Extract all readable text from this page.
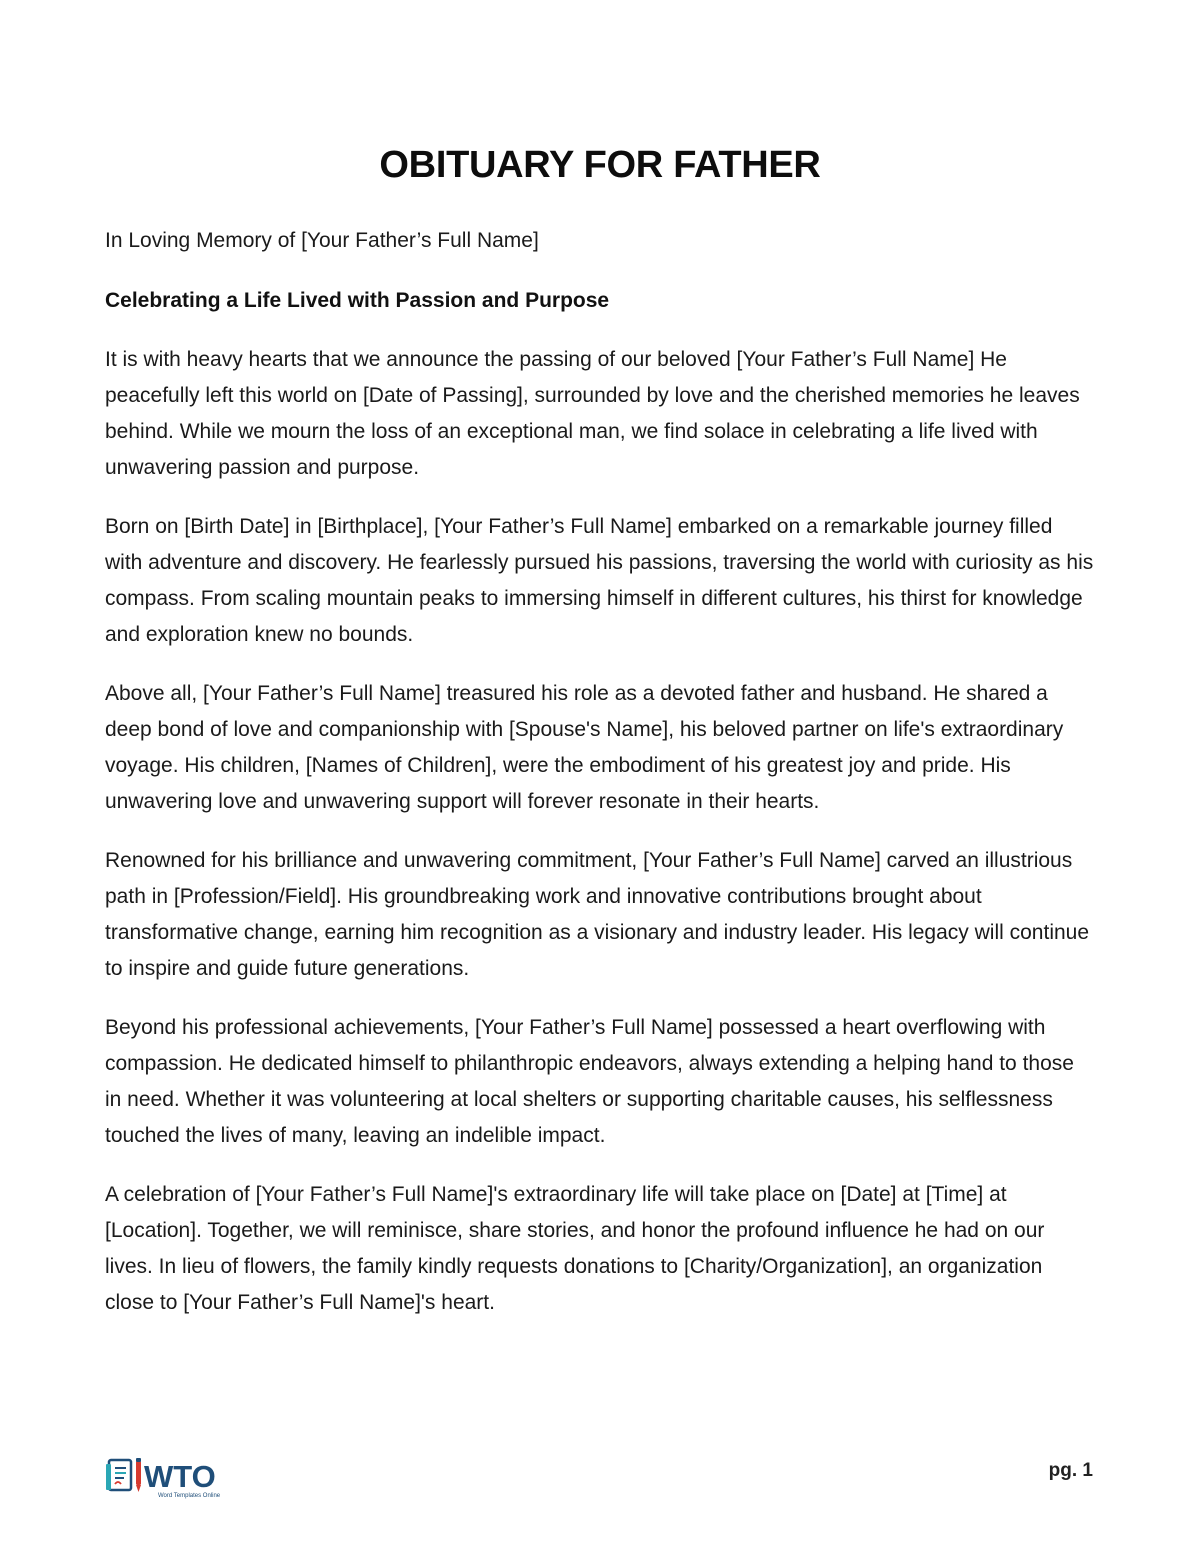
OBITUARY FOR FATHER

In Loving Memory of [Your Father’s Full Name]

Celebrating a Life Lived with Passion and Purpose

It is with heavy hearts that we announce the passing of our beloved [Your Father’s Full Name] He peacefully left this world on [Date of Passing], surrounded by love and the cherished memories he leaves behind. While we mourn the loss of an exceptional man, we find solace in celebrating a life lived with unwavering passion and purpose.

Born on [Birth Date] in [Birthplace], [Your Father’s Full Name] embarked on a remarkable journey filled with adventure and discovery. He fearlessly pursued his passions, traversing the world with curiosity as his compass. From scaling mountain peaks to immersing himself in different cultures, his thirst for knowledge and exploration knew no bounds.

Above all, [Your Father’s Full Name] treasured his role as a devoted father and husband. He shared a deep bond of love and companionship with [Spouse's Name], his beloved partner on life's extraordinary voyage. His children, [Names of Children], were the embodiment of his greatest joy and pride. His unwavering love and unwavering support will forever resonate in their hearts.

Renowned for his brilliance and unwavering commitment, [Your Father’s Full Name] carved an illustrious path in [Profession/Field]. His groundbreaking work and innovative contributions brought about transformative change, earning him recognition as a visionary and industry leader. His legacy will continue to inspire and guide future generations.

Beyond his professional achievements, [Your Father’s Full Name] possessed a heart overflowing with compassion. He dedicated himself to philanthropic endeavors, always extending a helping hand to those in need. Whether it was volunteering at local shelters or supporting charitable causes, his selflessness touched the lives of many, leaving an indelible impact.

A celebration of [Your Father’s Full Name]'s extraordinary life will take place on [Date] at [Time] at [Location]. Together, we will reminisce, share stories, and honor the profound influence he had on our lives. In lieu of flowers, the family kindly requests donations to [Charity/Organization], an organization close to [Your Father’s Full Name]'s heart.

WTO
Word Templates Online
pg. 1
